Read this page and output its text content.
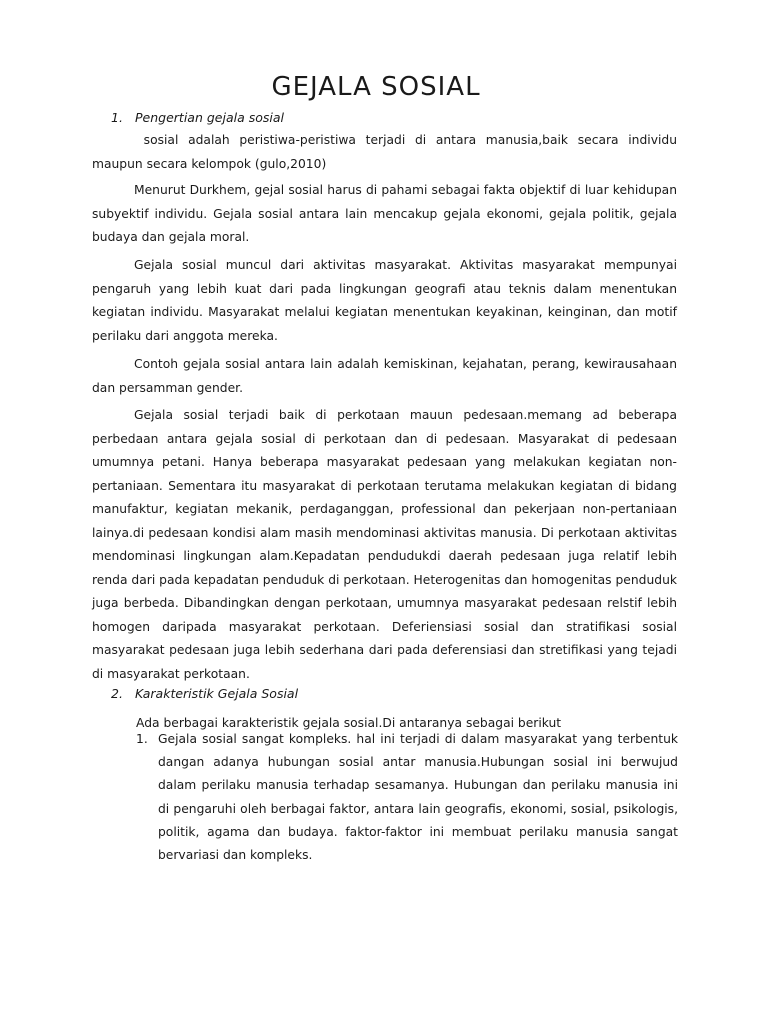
GEJALA SOSIAL

1. Pengertian gejala sosial

sosial adalah peristiwa-peristiwa terjadi di antara manusia,baik secara individu maupun secara kelompok (gulo,2010)

Menurut Durkhem, gejal sosial harus di pahami sebagai fakta objektif di luar kehidupan subyektif individu. Gejala sosial antara lain mencakup gejala ekonomi, gejala politik, gejala budaya dan gejala moral.

Gejala sosial muncul dari aktivitas masyarakat. Aktivitas masyarakat mempunyai pengaruh yang lebih kuat dari pada lingkungan geografi atau teknis dalam menentukan kegiatan individu. Masyarakat melalui kegiatan menentukan keyakinan, keinginan, dan motif perilaku dari anggota mereka.

Contoh gejala sosial antara lain adalah kemiskinan, kejahatan, perang, kewirausahaan dan persamman gender.

Gejala sosial terjadi baik di perkotaan mauun pedesaan.memang ad beberapa perbedaan antara gejala sosial di perkotaan dan di pedesaan. Masyarakat di pedesaan umumnya petani. Hanya beberapa masyarakat pedesaan yang melakukan kegiatan non-pertaniaan. Sementara itu masyarakat di perkotaan terutama melakukan kegiatan di bidang manufaktur, kegiatan mekanik, perdaganggan, professional dan pekerjaan non-pertaniaan lainya.di pedesaan kondisi alam masih mendominasi aktivitas manusia. Di perkotaan aktivitas mendominasi lingkungan alam.Kepadatan pendudukdi daerah pedesaan juga relatif lebih renda dari pada kepadatan penduduk di perkotaan. Heterogenitas dan homogenitas penduduk juga berbeda. Dibandingkan dengan perkotaan, umumnya masyarakat pedesaan relstif lebih homogen daripada masyarakat perkotaan. Deferiensiasi sosial dan stratifikasi sosial masyarakat pedesaan juga lebih sederhana dari pada deferensiasi dan stretifikasi yang tejadi di masyarakat perkotaan.

2. Karakteristik Gejala Sosial

Ada berbagai karakteristik gejala sosial.Di antaranya sebagai berikut

1. Gejala sosial sangat kompleks. hal ini terjadi di dalam masyarakat yang terbentuk dangan adanya hubungan sosial antar manusia.Hubungan sosial ini berwujud dalam perilaku manusia terhadap sesamanya. Hubungan dan perilaku manusia ini di pengaruhi oleh berbagai faktor, antara lain geografis, ekonomi, sosial, psikologis, politik, agama dan budaya. faktor-faktor ini membuat perilaku manusia sangat bervariasi dan kompleks.
